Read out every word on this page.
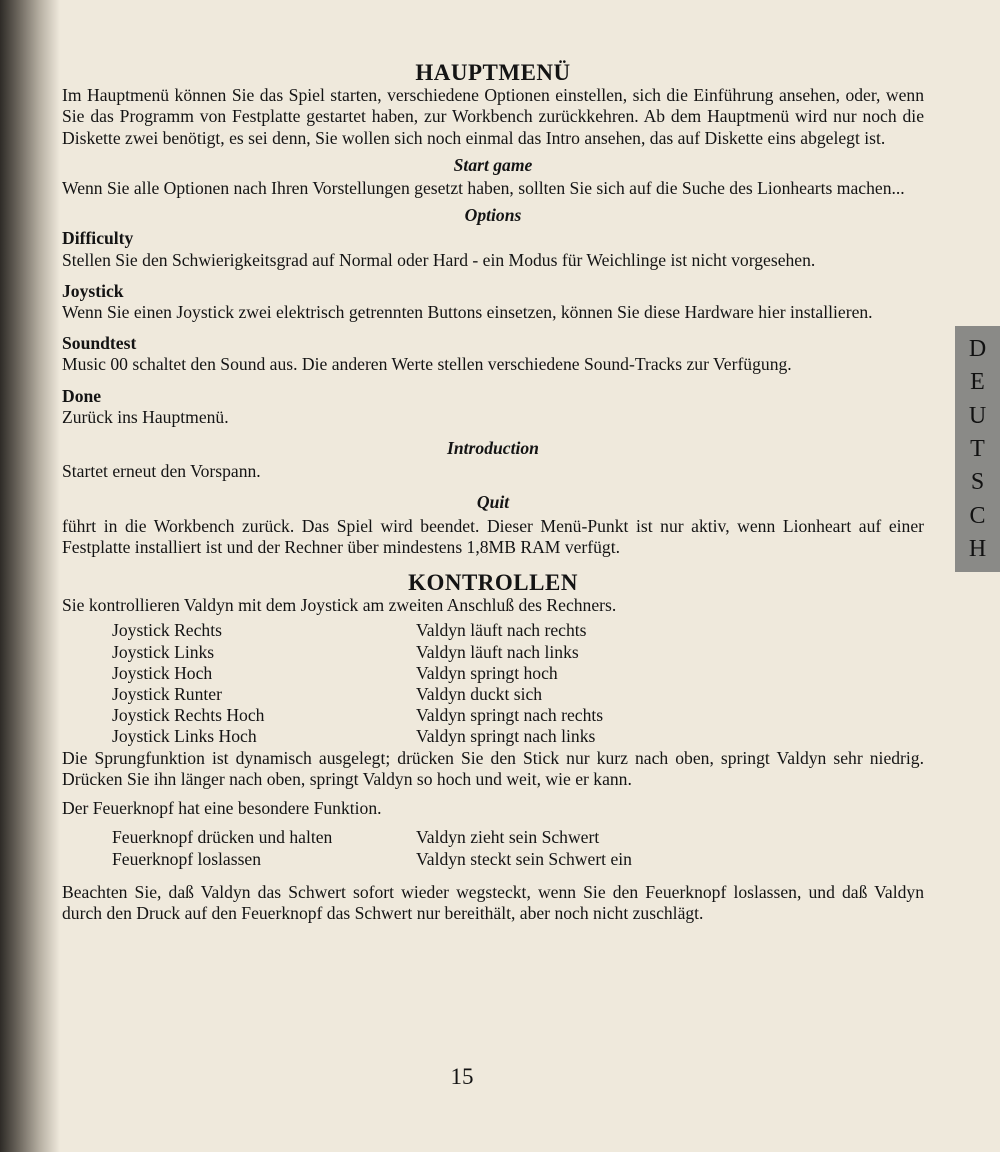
HAUPTMENÜ

Im Hauptmenü können Sie das Spiel starten, verschiedene Optionen einstellen, sich die Einführung ansehen, oder, wenn Sie das Programm von Festplatte gestartet haben, zur Workbench zurückkehren. Ab dem Hauptmenü wird nur noch die Diskette zwei benötigt, es sei denn, Sie wollen sich noch einmal das Intro ansehen, das auf Diskette eins abgelegt ist.

Start game

Wenn Sie alle Optionen nach Ihren Vorstellungen gesetzt haben, sollten Sie sich auf die Suche des Lionhearts machen...

Options
Difficulty

Stellen Sie den Schwierigkeitsgrad auf Normal oder Hard - ein Modus für Weichlinge ist nicht vorgesehen.

Joystick

Wenn Sie einen Joystick zwei elektrisch getrennten Buttons einsetzen, können Sie diese Hardware hier installieren.

Soundtest

Music 00 schaltet den Sound aus. Die anderen Werte stellen verschiedene Sound-Tracks zur Verfügung.

Done

Zurück ins Hauptmenü.

Introduction

Startet erneut den Vorspann.

Quit

führt in die Workbench zurück. Das Spiel wird beendet. Dieser Menü-Punkt ist nur aktiv, wenn Lionheart auf einer Festplatte installiert ist und der Rechner über mindestens 1,8MB RAM verfügt.

KONTROLLEN

Sie kontrollieren Valdyn mit dem Joystick am zweiten Anschluß des Rechners.

Joystick Rechts	Valdyn läuft nach rechts
Joystick Links	Valdyn läuft nach links
Joystick Hoch	Valdyn springt hoch
Joystick Runter	Valdyn duckt sich
Joystick Rechts Hoch	Valdyn springt nach rechts
Joystick Links Hoch	Valdyn springt nach links

Die Sprungfunktion ist dynamisch ausgelegt; drücken Sie den Stick nur kurz nach oben, springt Valdyn sehr niedrig. Drücken Sie ihn länger nach oben, springt Valdyn so hoch und weit, wie er kann.

Der Feuerknopf hat eine besondere Funktion.

Feuerknopf drücken und halten	Valdyn zieht sein Schwert
Feuerknopf loslassen	Valdyn steckt sein Schwert ein

Beachten Sie, daß Valdyn das Schwert sofort wieder wegsteckt, wenn Sie den Feuerknopf loslassen, und daß Valdyn durch den Druck auf den Feuerknopf das Schwert nur bereithält, aber noch nicht zuschlägt.

15
D
E
U
T
S
C
H
